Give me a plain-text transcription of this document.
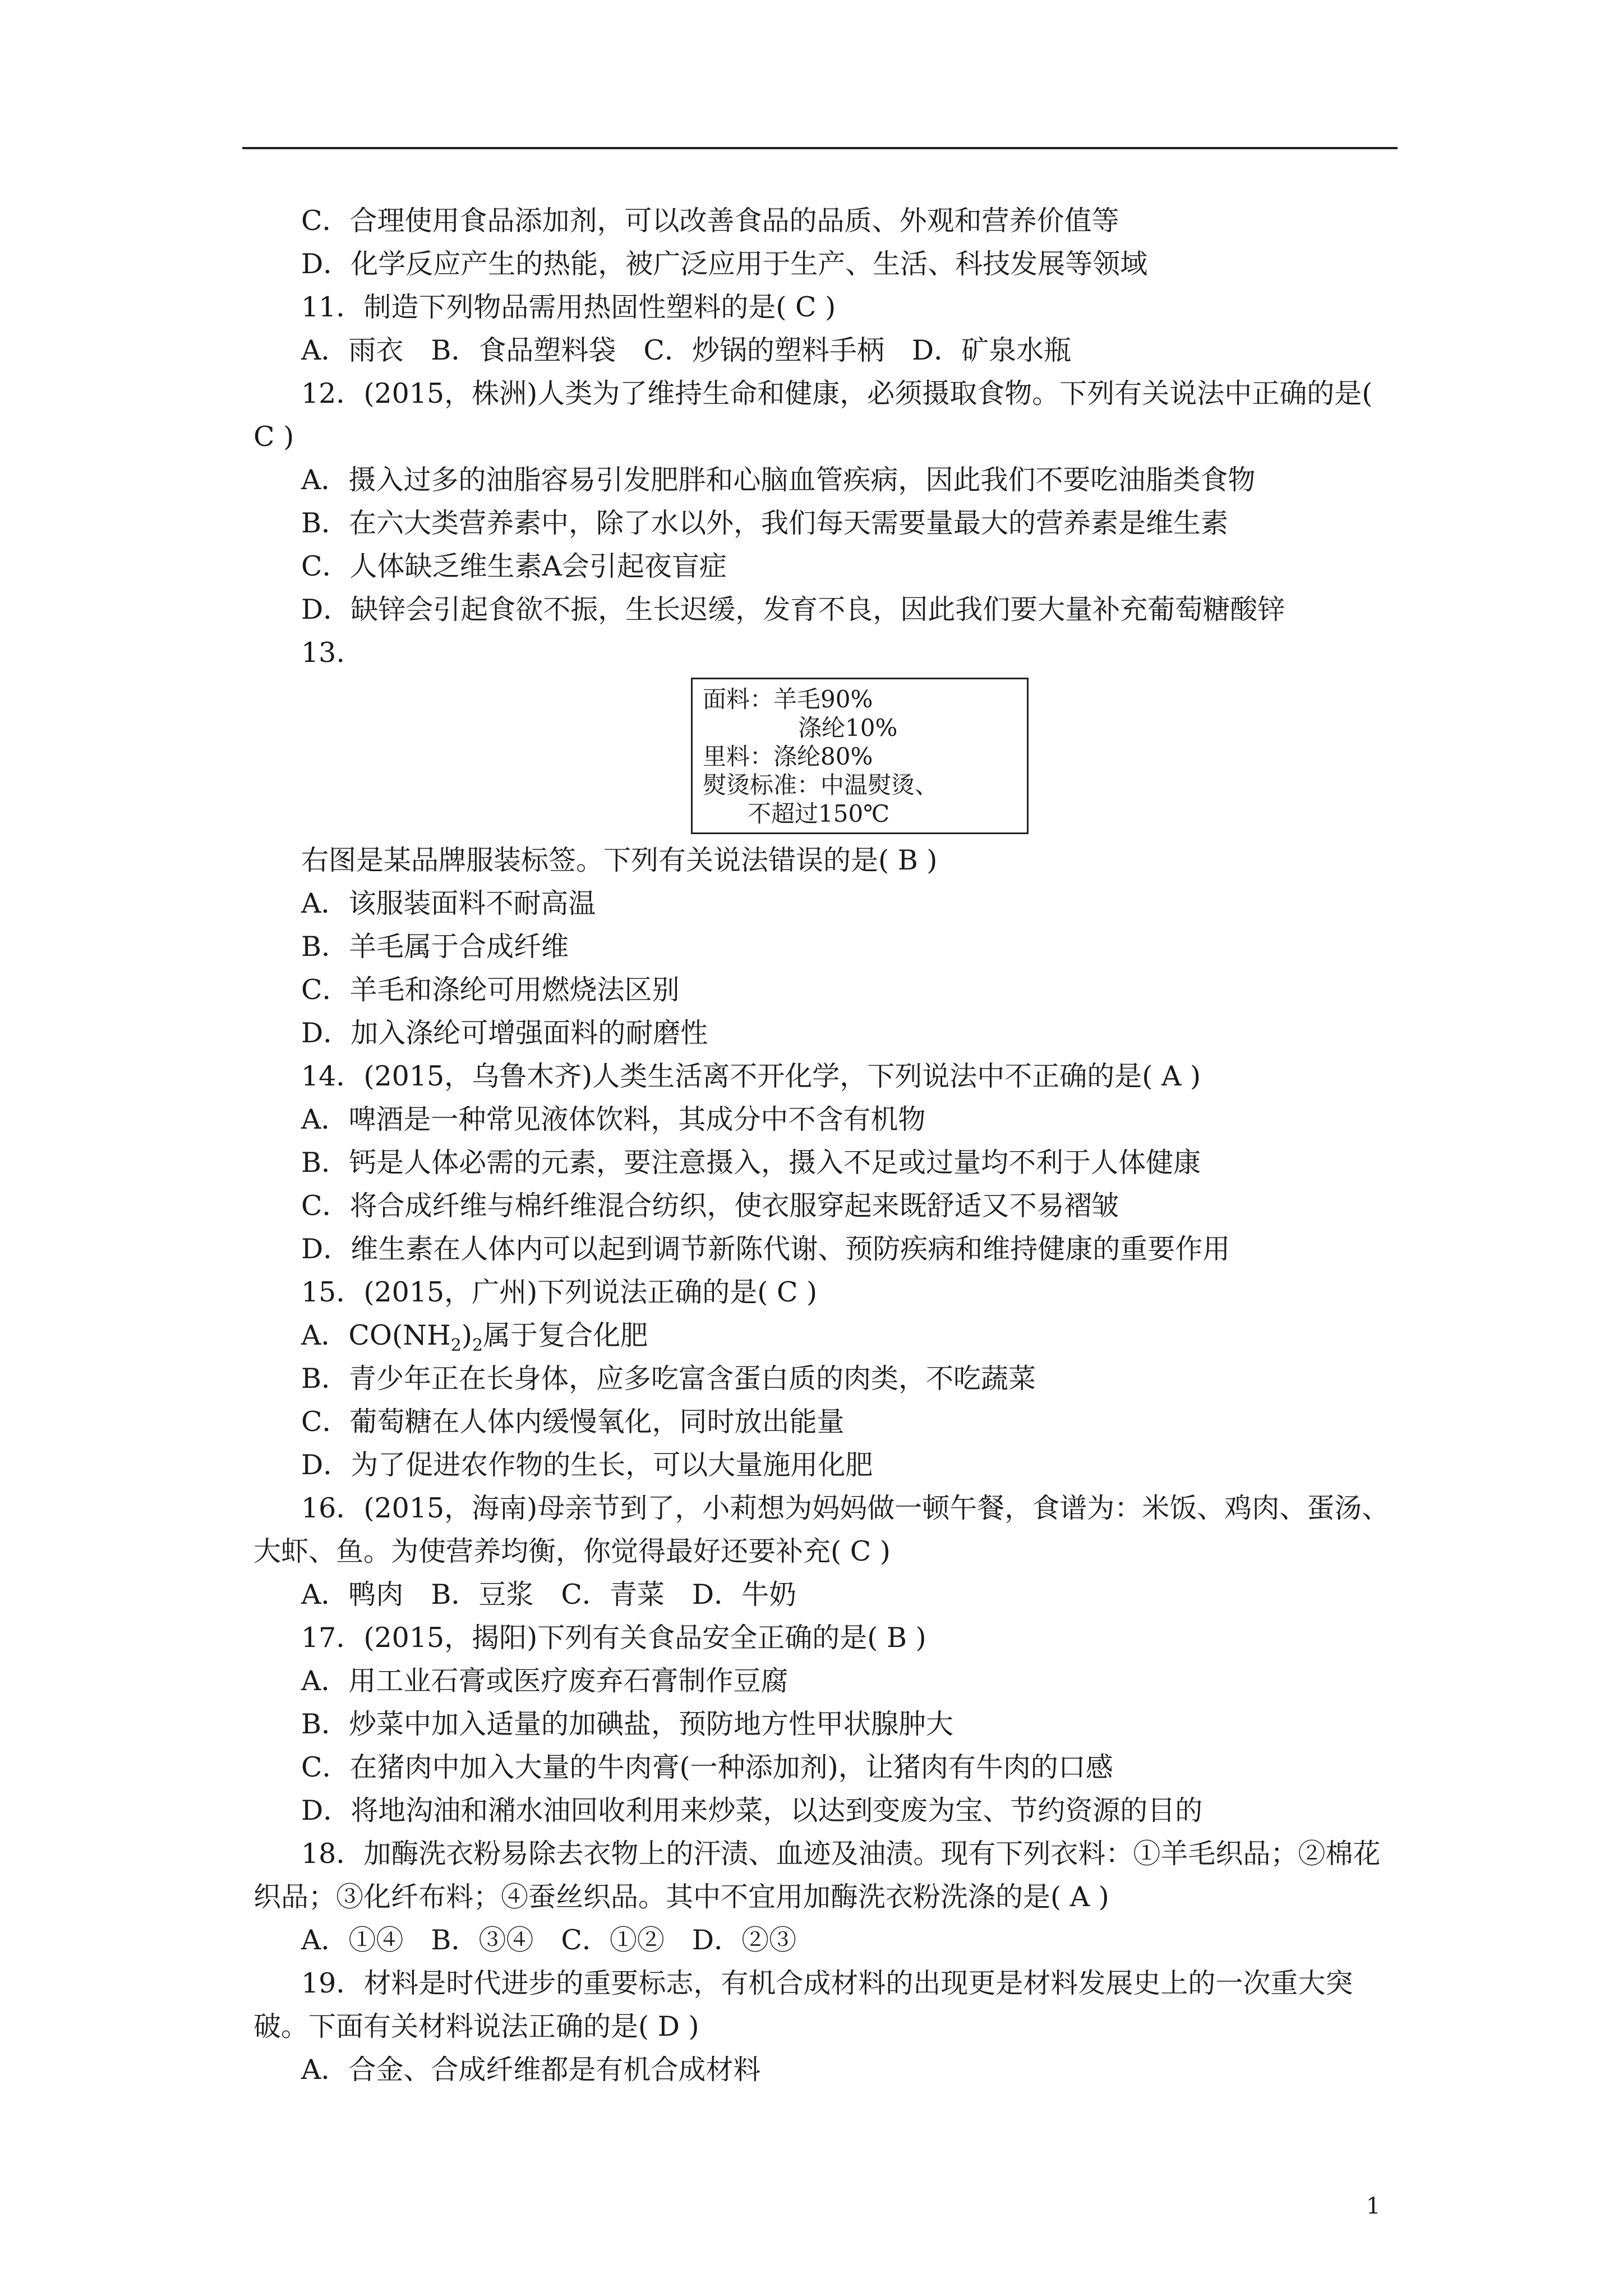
C．合理使用食品添加剂，可以改善食品的品质、外观和营养价值等
D．化学反应产生的热能，被广泛应用于生产、生活、科技发展等领域
11．制造下列物品需用热固性塑料的是( C )
A．雨衣　B．食品塑料袋　C．炒锅的塑料手柄　D．矿泉水瓶
12．(2015，株洲)人类为了维持生命和健康，必须摄取食物。下列有关说法中正确的是( C )
A．摄入过多的油脂容易引发肥胖和心脑血管疾病，因此我们不要吃油脂类食物
B．在六大类营养素中，除了水以外，我们每天需要量最大的营养素是维生素
C．人体缺乏维生素A会引起夜盲症
D．缺锌会引起食欲不振，生长迟缓，发育不良，因此我们要大量补充葡萄糖酸锌
13.
面料：羊毛90%
涤纶10%
里料：涤纶80%
熨烫标准：中温熨烫、
不超过150℃
右图是某品牌服装标签。下列有关说法错误的是( B )
A．该服装面料不耐高温
B．羊毛属于合成纤维
C．羊毛和涤纶可用燃烧法区别
D．加入涤纶可增强面料的耐磨性
14．(2015，乌鲁木齐)人类生活离不开化学，下列说法中不正确的是( A )
A．啤酒是一种常见液体饮料，其成分中不含有机物
B．钙是人体必需的元素，要注意摄入，摄入不足或过量均不利于人体健康
C．将合成纤维与棉纤维混合纺织，使衣服穿起来既舒适又不易褶皱
D．维生素在人体内可以起到调节新陈代谢、预防疾病和维持健康的重要作用
15．(2015，广州)下列说法正确的是( C )
A．$CO(NH_2)_2$属于复合化肥
B．青少年正在长身体，应多吃富含蛋白质的肉类，不吃蔬菜
C．葡萄糖在人体内缓慢氧化，同时放出能量
D．为了促进农作物的生长，可以大量施用化肥
16．(2015，海南)母亲节到了，小莉想为妈妈做一顿午餐，食谱为：米饭、鸡肉、蛋汤、大虾、鱼。为使营养均衡，你觉得最好还要补充( C )
A．鸭肉　B．豆浆　C．青菜　D．牛奶
17．(2015，揭阳)下列有关食品安全正确的是( B )
A．用工业石膏或医疗废弃石膏制作豆腐
B．炒菜中加入适量的加碘盐，预防地方性甲状腺肿大
C．在猪肉中加入大量的牛肉膏(一种添加剂)，让猪肉有牛肉的口感
D．将地沟油和潲水油回收利用来炒菜，以达到变废为宝、节约资源的目的
18．加酶洗衣粉易除去衣物上的汗渍、血迹及油渍。现有下列衣料：①羊毛织品；②棉花织品；③化纤布料；④蚕丝织品。其中不宜用加酶洗衣粉洗涤的是( A )
A．①④　B．③④　C．①②　D．②③
19．材料是时代进步的重要标志，有机合成材料的出现更是材料发展史上的一次重大突破。下面有关材料说法正确的是( D )
A．合金、合成纤维都是有机合成材料
1
